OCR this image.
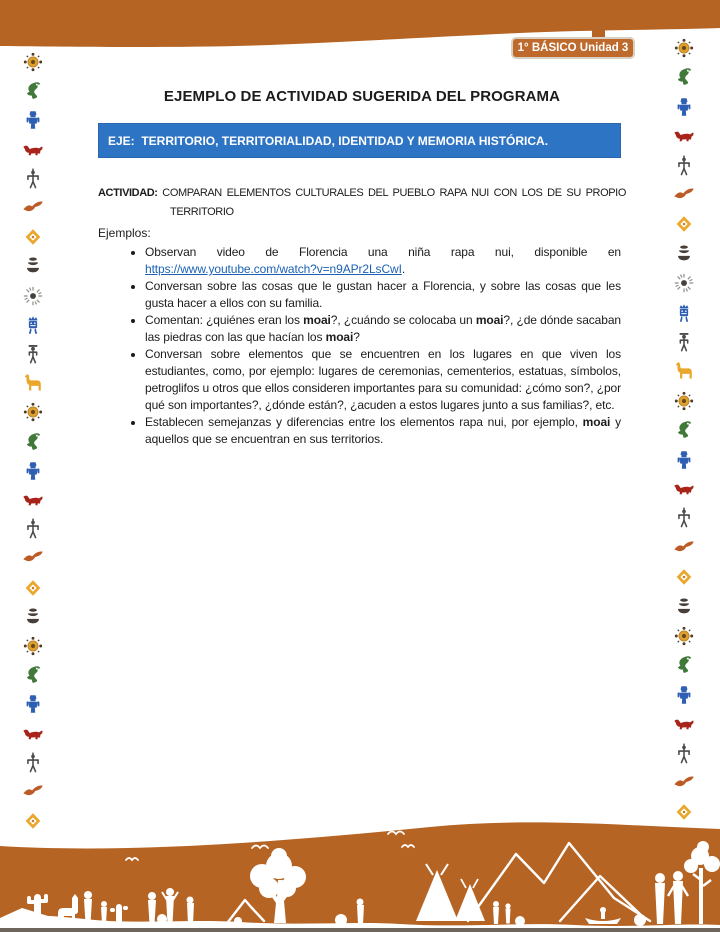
1° BÁSICO Unidad 3
EJEMPLO DE ACTIVIDAD SUGERIDA DEL PROGRAMA
EJE:  TERRITORIO, TERRITORIALIDAD, IDENTIDAD Y MEMORIA HISTÓRICA.

ACTIVIDAD: COMPARAN ELEMENTOS CULTURALES DEL PUEBLO RAPA NUI CON LOS DE SU PROPIO TERRITORIO

Ejemplos:

• Observan video de Florencia una niña rapa nui, disponible en https://www.youtube.com/watch?v=n9APr2LsCwI.
• Conversan sobre las cosas que le gustan hacer a Florencia, y sobre las cosas que les gusta hacer a ellos con su familia.
• Comentan: ¿quiénes eran los moai?, ¿cuándo se colocaba un moai?, ¿de dónde sacaban las piedras con las que hacían los moai?
• Conversan sobre elementos que se encuentren en los lugares en que viven los estudiantes, como, por ejemplo: lugares de ceremonias, cementerios, estatuas, símbolos, petroglifos u otros que ellos consideren importantes para su comunidad: ¿cómo son?, ¿por qué son importantes?, ¿dónde están?, ¿acuden a estos lugares junto a sus familias?, etc.
• Establecen semejanzas y diferencias entre los elementos rapa nui, por ejemplo, moai y aquellos que se encuentran en sus territorios.
